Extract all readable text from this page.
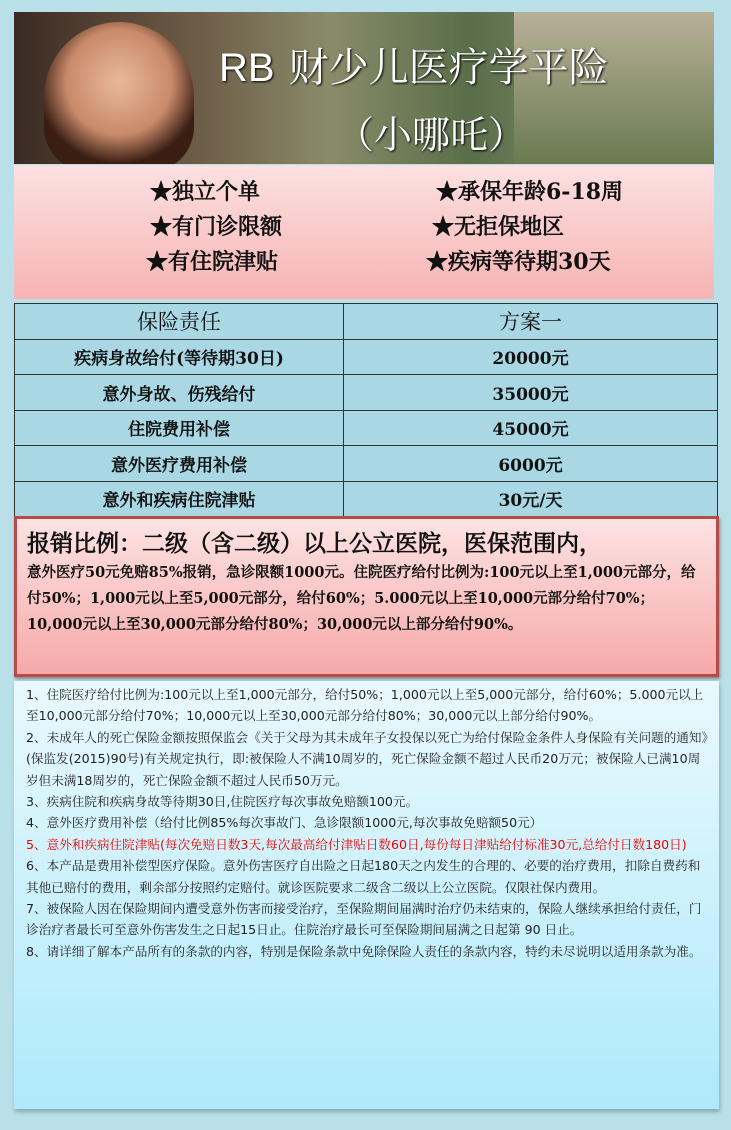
RB 财少儿医疗学平险
（小哪吒）
★独立个单	★承保年龄6-18周
★有门诊限额	★无拒保地区
★有住院津贴	★疾病等待期30天
保险责任	方案一
疾病身故给付(等待期30日)	20000元
意外身故、伤残给付	35000元
住院费用补偿	45000元
意外医疗费用补偿	6000元
意外和疾病住院津贴	30元/天
报销比例：二级（含二级）以上公立医院，医保范围内，
意外医疗50元免赔85%报销，急诊限额1000元。住院医疗给付比例为:100元以上至1,000元部分，给付50%；1,000元以上至5,000元部分，给付60%；5.000元以上至10,000元部分给付70%；10,000元以上至30,000元部分给付80%；30,000元以上部分给付90%。

1、住院医疗给付比例为:100元以上至1,000元部分，给付50%；1,000元以上至5,000元部分，给付60%；5.000元以上至10,000元部分给付70%；10,000元以上至30,000元部分给付80%；30,000元以上部分给付90%。

2、未成年人的死亡保险金额按照保监会《关于父母为其未成年子女投保以死亡为给付保险金条件人身保险有关问题的通知》(保监发(2015)90号)有关规定执行，即:被保险人不满10周岁的，死亡保险金额不超过人民币20万元；被保险人已满10周岁但未满18周岁的，死亡保险金额不超过人民币50万元。

3、疾病住院和疾病身故等待期30日,住院医疗每次事故免赔额100元。

4、意外医疗费用补偿（给付比例85%每次事故门、急诊限额1000元,每次事故免赔额50元）

5、意外和疾病住院津贴(每次免赔日数3天,每次最高给付津贴日数60日,每份每日津贴给付标准30元,总给付日数180日)

6、本产品是费用补偿型医疗保险。意外伤害医疗自出险之日起180天之内发生的合理的、必要的治疗费用，扣除自费药和其他已赔付的费用，剩余部分按照约定赔付。就诊医院要求二级含二级以上公立医院。仅限社保内费用。

7、被保险人因在保险期间内遭受意外伤害而接受治疗，至保险期间届满时治疗仍未结束的，保险人继续承担给付责任，门诊治疗者最长可至意外伤害发生之日起15日止。住院治疗最长可至保险期间届满之日起第 90 日止。

8、请详细了解本产品所有的条款的内容，特别是保险条款中免除保险人责任的条款内容，特约未尽说明以适用条款为准。
